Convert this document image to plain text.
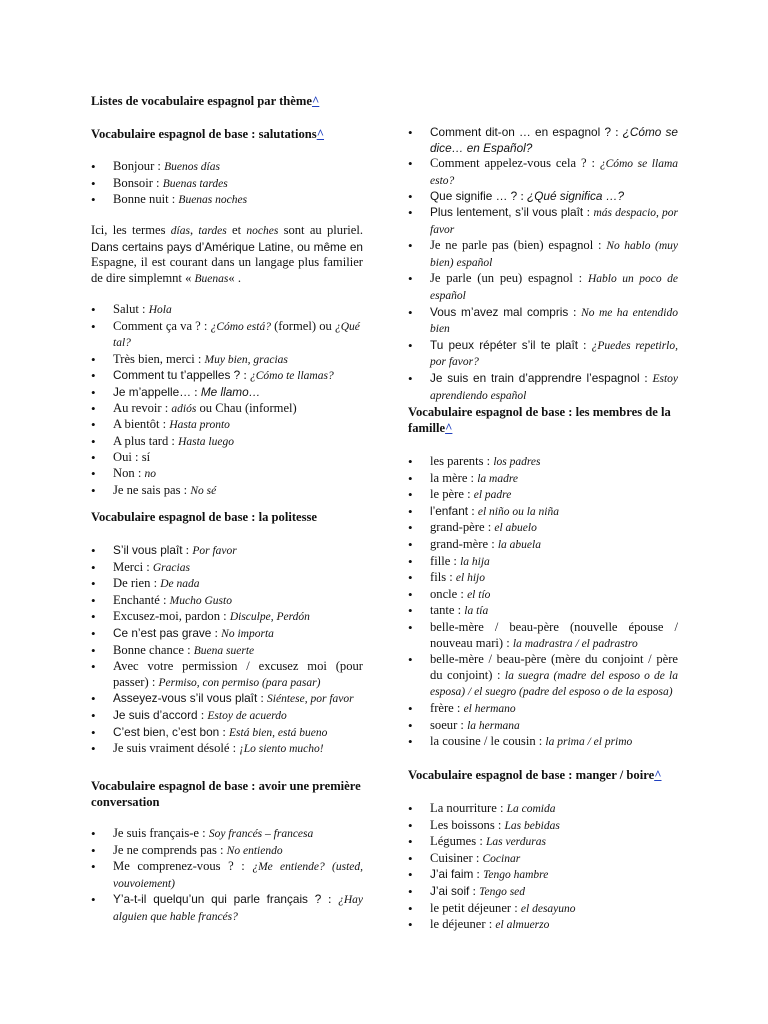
Listes de vocabulaire espagnol par thème^
Vocabulaire espagnol de base : salutations^
• Bonjour : Buenos días
• Bonsoir : Buenas tardes
• Bonne nuit : Buenas noches

Ici, les termes días, tardes et noches sont au pluriel. Dans certains pays d’Amérique Latine, ou même en Espagne, il est courant dans un langage plus familier de dire simplemnt « Buenas« .

• Salut : Hola
• Comment ça va ? : ¿Cómo está? (formel) ou ¿Qué tal?
• Très bien, merci : Muy bien, gracias
• Comment tu t’appelles ? : ¿Cómo te llamas?
• Je m’appelle… : Me llamo…
• Au revoir : adiós ou Chau (informel)
• A bientôt : Hasta pronto
• A plus tard : Hasta luego
• Oui : sí
• Non : no
• Je ne sais pas : No sé
Vocabulaire espagnol de base : la politesse
• S’il vous plaît : Por favor
• Merci : Gracias
• De rien : De nada
• Enchanté : Mucho Gusto
• Excusez-moi, pardon : Disculpe, Perdón
• Ce n’est pas grave : No importa
• Bonne chance : Buena suerte
• Avec votre permission / excusez moi (pour passer) : Permiso, con permiso (para pasar)
• Asseyez-vous s’il vous plaît : Siéntese, por favor
• Je suis d’accord : Estoy de acuerdo
• C’est bien, c’est bon : Está bien, está bueno
• Je suis vraiment désolé : ¡Lo siento mucho!
Vocabulaire espagnol de base : avoir une première conversation
• Je suis français-e : Soy francés – francesa
• Je ne comprends pas : No entiendo
• Me comprenez-vous ? : ¿Me entiende? (usted, vouvoiement)
• Y’a-t-il quelqu’un qui parle français ? : ¿Hay alguien que hable francés?
• Comment dit-on … en espagnol ? : ¿Cómo se dice… en Español?
• Comment appelez-vous cela ? : ¿Cómo se llama esto?
• Que signifie … ? : ¿Qué significa …?
• Plus lentement, s’il vous plaît : más despacio, por favor
• Je ne parle pas (bien) espagnol : No hablo (muy bien) español
• Je parle (un peu) espagnol : Hablo un poco de español
• Vous m’avez mal compris : No me ha entendido bien
• Tu peux répéter s’il te plaît : ¿Puedes repetirlo, por favor?
• Je suis en train d’apprendre l’espagnol : Estoy aprendiendo español
Vocabulaire espagnol de base : les membres de la famille^
• les parents : los padres
• la mère : la madre
• le père : el padre
• l’enfant : el niño ou la niña
• grand-père : el abuelo
• grand-mère : la abuela
• fille : la hija
• fils : el hijo
• oncle : el tío
• tante : la tía
• belle-mère / beau-père (nouvelle épouse / nouveau mari) : la madrastra / el padrastro
• belle-mère / beau-père (mère du conjoint / père du conjoint) : la suegra (madre del esposo o de la esposa) / el suegro (padre del esposo o de la esposa)
• frère : el hermano
• soeur : la hermana
• la cousine / le cousin : la prima / el primo
Vocabulaire espagnol de base : manger / boire^
• La nourriture : La comida
• Les boissons : Las bebidas
• Légumes : Las verduras
• Cuisiner : Cocinar
• J’ai faim : Tengo hambre
• J’ai soif : Tengo sed
• le petit déjeuner : el desayuno
• le déjeuner : el almuerzo
